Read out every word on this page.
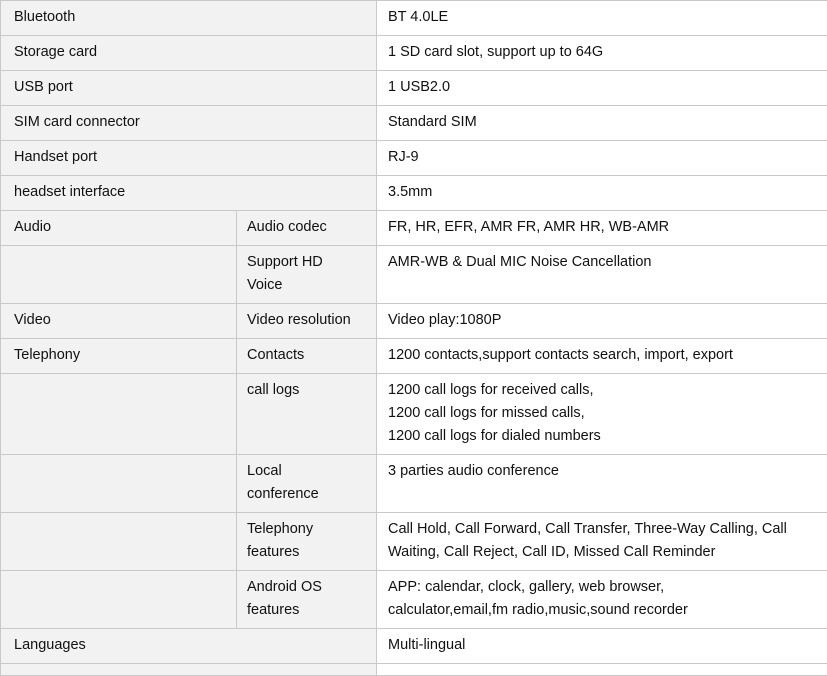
Bluetooth		BT 4.0LE
Storage card		1 SD card slot, support up to 64G
USB port		1 USB2.0
SIM card connector		Standard SIM
Handset port		RJ-9
headset interface		3.5mm
Audio	Audio codec	FR, HR, EFR, AMR FR, AMR HR, WB-AMR
	Support HD
Voice	AMR-WB & Dual MIC Noise Cancellation
Video	Video resolution	Video play:1080P
Telephony	Contacts	1200 contacts,support contacts search, import, export
	call logs	1200 call logs for received calls,
1200 call logs for missed calls,
1200 call logs for dialed numbers
	Local
conference	3 parties audio conference
	Telephony
features	Call Hold, Call Forward, Call Transfer, Three-Way Calling, Call
Waiting, Call Reject, Call ID, Missed Call Reminder
	Android OS
features	APP: calendar, clock, gallery, web browser,
calculator,email,fm radio,music,sound recorder
Languages		Multi-lingual
